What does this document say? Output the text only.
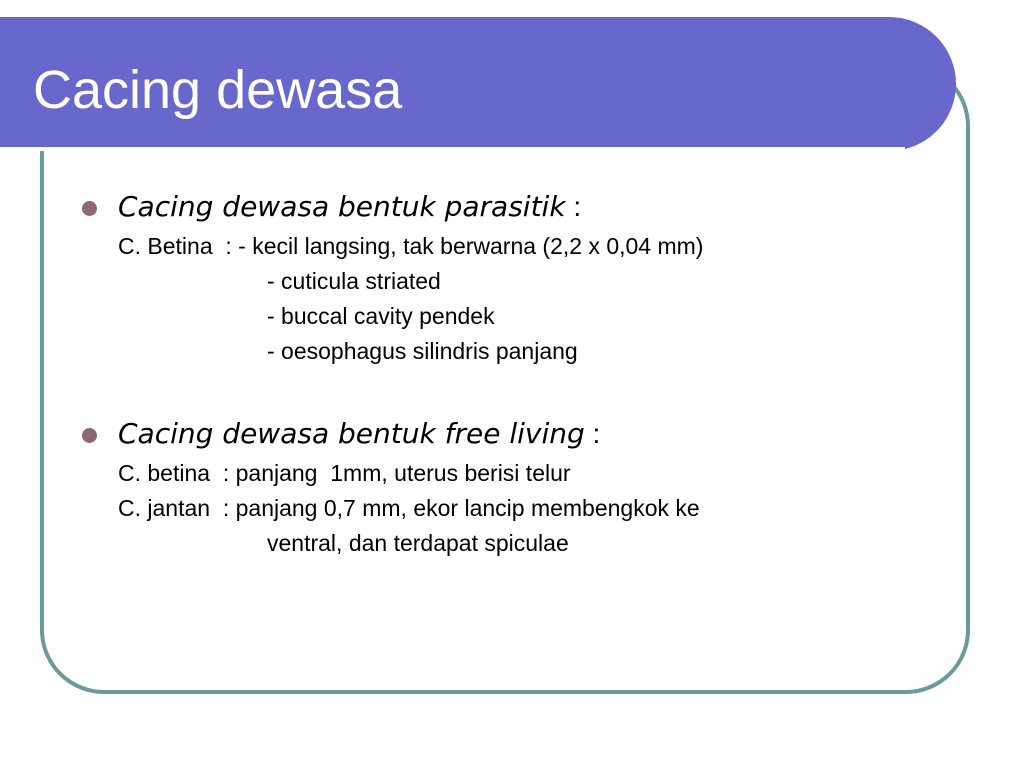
Cacing dewasa

Cacing dewasa bentuk parasitik :

C. Betina  : - kecil langsing, tak berwarna (2,2 x 0,04 mm)

- cuticula striated

- buccal cavity pendek

- oesophagus silindris panjang

Cacing dewasa bentuk free living :

C. betina  : panjang  1mm, uterus berisi telur

C. jantan  : panjang 0,7 mm, ekor lancip membengkok ke

ventral, dan terdapat spiculae
